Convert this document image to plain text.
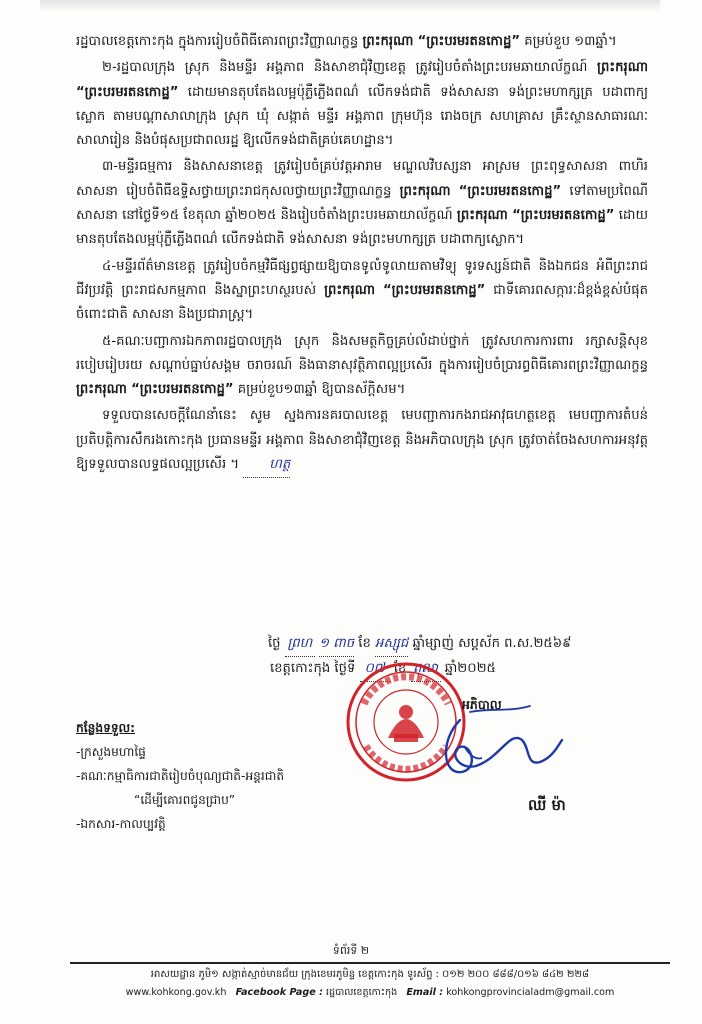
រដ្ឋបាលខេត្តកោះកុង ក្នុងការរៀបចំពិធីគោរពព្រះវិញ្ញាណក្ខន្ធ ព្រះករុណា “ព្រះបរមរតនកោដ្ឋ” គម្រប់ខួប ១៣ឆ្នាំ។

២-រដ្ឋបាលក្រុង ស្រុក និងមន្ទីរ អង្គភាព និងសាខាជុំវិញខេត្ត ត្រូវរៀបចំតាំងព្រះបរមឆាយាល័ក្ខណ៍ ព្រះករុណា “ព្រះបរមរតនកោដ្ឋ” ដោយមានតុបតែងលម្អប៉ុភ្លឺភ្លើងពណ៌ លើកទង់ជាតិ ទង់សាសនា ទង់ព្រះមហាក្សត្រ បដាពាក្យស្លោក តាមបណ្តាសាលាក្រុង ស្រុក ឃុំ សង្កាត់ មន្ទីរ អង្គភាព ក្រុមហ៊ុន រោងចក្រ សហគ្រាស គ្រឹះស្ថានសាធារណៈ សាលារៀន និងបំផុសប្រជាពលរដ្ឋ ឱ្យលើកទង់ជាតិគ្រប់គេហដ្ឋាន។

៣-មន្ទីរធម្មការ និងសាសនាខេត្ត ត្រូវរៀបចំគ្រប់វត្តអារាម មណ្ឌលវិបស្សនា អាស្រម ព្រះពុទ្ធសាសនា ពាហិរសាសនា រៀបចំពិធីឧទ្ទិសថ្វាយព្រះរាជកុសលថ្វាយព្រះវិញ្ញាណក្ខន្ធ ព្រះករុណា “ព្រះបរមរតនកោដ្ឋ” ទៅតាមប្រពៃណីសាសនា នៅថ្ងៃទី១៥ ខែតុលា ឆ្នាំ២០២៥ និងរៀបចំតាំងព្រះបរមឆាយាល័ក្ខណ៍ ព្រះករុណា “ព្រះបរមរតនកោដ្ឋ” ដោយមានតុបតែងលម្អប៉ុភ្លឺភ្លើងពណ៌ លើកទង់ជាតិ ទង់សាសនា ទង់ព្រះមហាក្សត្រ បដាពាក្យស្លោក។

៤-មន្ទីរព័ត៌មានខេត្ត ត្រូវរៀបចំកម្មវិធីផ្សព្វផ្សាយឱ្យបានទូលំទូលាយតាមវិទ្យុ ទូរទស្សន៍ជាតិ និងឯកជន អំពីព្រះរាជជីវប្រវត្តិ ព្រះរាជសកម្មភាព និងស្នាព្រះហស្ថរបស់ ព្រះករុណា “ព្រះបរមរតនកោដ្ឋ” ជាទីគោរពសក្ការៈដ៏ខ្ពង់ខ្ពស់បំផុត ចំពោះជាតិ សាសនា និងប្រជារាស្ត្រ។

៥-គណៈបញ្ជាការឯកភាពរដ្ឋបាលក្រុង ស្រុក និងសមត្ថកិច្ចគ្រប់លំដាប់ថ្នាក់ ត្រូវសហការការពារ រក្សាសន្តិសុខ របៀបរៀបរយ សណ្តាប់ធ្នាប់សង្គម ចរាចរណ៍ និងធានាសុវត្ថិភាពល្អប្រសើរ ក្នុងការរៀបចំប្រារព្ធពិធីគោរពព្រះវិញ្ញាណក្ខន្ធ ព្រះករុណា “ព្រះបរមរតនកោដ្ឋ” គម្រប់ខួប១៣ឆ្នាំ ឱ្យបានស័ក្តិសម។

ទទួលបានសេចក្តីណែនាំនេះ សូម ស្នងការនគរបាលខេត្ត មេបញ្ជាការកងរាជអាវុធហត្ថខេត្ត មេបញ្ជាការតំបន់ប្រតិបត្តិការសឹករងកោះកុង ប្រធានមន្ទីរ អង្គភាព និងសាខាជុំវិញខេត្ត និងអភិបាលក្រុង ស្រុក ត្រូវចាត់ចែងសហការអនុវត្តឱ្យទទួលបានលទ្ធផលល្អប្រសើរ ។ ហត្ថ

ថ្ងៃ ព្រហ ១ ពាច ខែ អស្សុជ ឆ្នាំម្សាញ់ សប្តស័ក ព.ស.២៥៦៩
ខេត្តកោះកុង ថ្ងៃទី ០៧ ខែ តុលា ឆ្នាំ២០២៥
អភិបាល
ឈី ម៉ា
កន្លែងទទួល:
-ក្រសួងមហាផ្ទៃ
-គណៈកម្មាធិការជាតិរៀបចំបុណ្យជាតិ-អន្តរជាតិ
“ដើម្បីគោរពជូនជ្រាប”
-ឯកសារ-កាលប្បវត្តិ
ទំព័រទី ២
អាសយដ្ឋាន ភូមិ១ សង្កាត់ស្មាច់មានជ័យ ក្រុងខេមរភូមិន្ទ ខេត្តកោះកុង ទូរស័ព្ទ : ០១២ ២០០ ៨៨៨/០១៦ ៨៤២ ២២៨
www.kohkong.gov.kh Facebook Page : រដ្ឋបាលខេត្តកោះកុង Email : kohkongprovincialadm@gmail.com
